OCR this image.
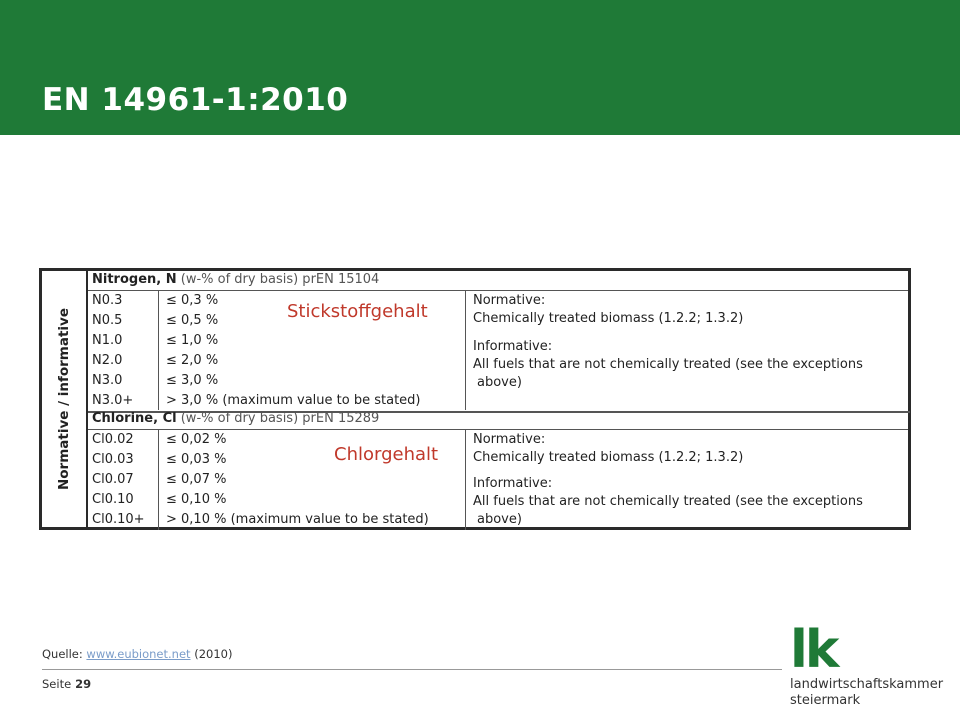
EN 14961-1:2010
Normative / informative
Nitrogen, N (w-% of dry basis) prEN 15104
N0.3
N0.5
N1.0
N2.0
N3.0
N3.0+
≤ 0,3 %
≤ 0,5 %
≤ 1,0 %
≤ 2,0 %
≤ 3,0 %
> 3,0 % (maximum value to be stated)
Normative:
Chemically treated biomass (1.2.2; 1.3.2)
Informative:
All fuels that are not chemically treated (see the exceptions
above)
Stickstoffgehalt
Chlorine, Cl (w-% of dry basis) prEN 15289
Cl0.02
Cl0.03
Cl0.07
Cl0.10
Cl0.10+
≤ 0,02 %
≤ 0,03 %
≤ 0,07 %
≤ 0,10 %
> 0,10 % (maximum value to be stated)
Normative:
Chemically treated biomass (1.2.2; 1.3.2)
Informative:
All fuels that are not chemically treated (see the exceptions
above)
Chlorgehalt
Quelle: www.eubionet.net (2010)
Seite 29
lk
landwirtschaftskammer
steiermark
